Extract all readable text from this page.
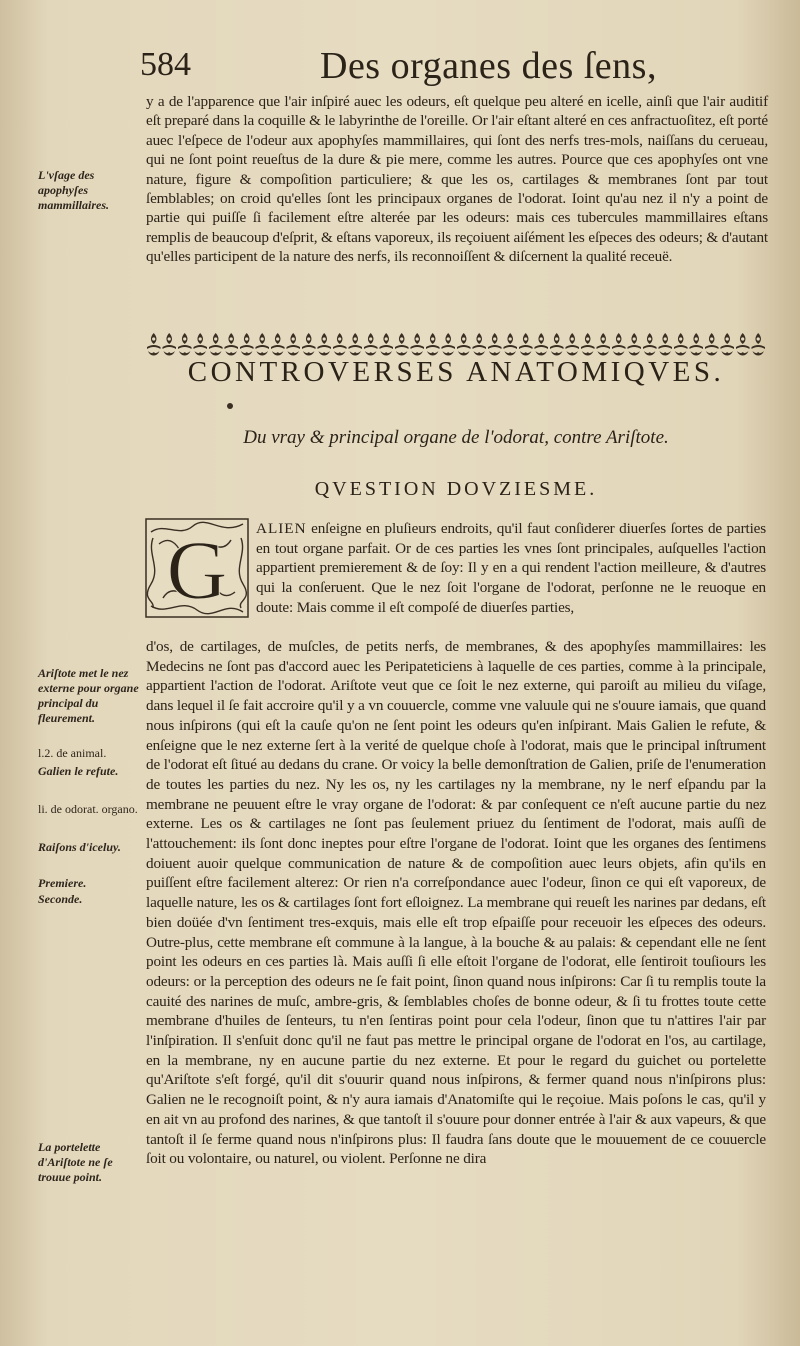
584	Des organes des ſens,

y a de l'apparence que l'air inſpiré auec les odeurs, eſt quelque peu alteré en icelle, ainſi que l'air auditif eſt preparé dans la coquille & le labyrinthe de l'oreille. Or l'air eſtant alteré en ces anfractuoſitez, eſt porté auec l'eſpece de l'odeur aux apophyſes mammillaires, qui ſont des nerfs tres-mols, naiſſans du cerueau, qui ne ſont point reueſtus de la dure & pie mere, comme les autres. Pource que ces apophyſes ont vne nature, figure & compoſition particuliere; & que les os, cartilages & membranes ſont par tout ſemblables; on croid qu'elles ſont les principaux organes de l'odorat. Ioint qu'au nez il n'y a point de partie qui puiſſe ſi facilement eſtre alterée par les odeurs: mais ces tubercules mammillaires eſtans remplis de beaucoup d'eſprit, & eſtans vaporeux, ils reçoiuent aiſément les eſpeces des odeurs; & d'autant qu'elles participent de la nature des nerfs, ils reconnoiſſent & diſcernent la qualité receuë.

L'vſage des apophyſes mammillaires.
CONTROVERSES ANATOMIQVES.
Du vray & principal organe de l'odorat, contre Ariſtote.
QVESTION DOVZIESME.
G ALIEN enſeigne en pluſieurs endroits, qu'il faut conſiderer diuerſes ſortes de parties en tout organe parfait. Or de ces parties les vnes ſont principales, auſquelles l'action appartient premierement & de ſoy: Il y en a qui rendent l'action meilleure, & d'autres qui la conſeruent. Que le nez ſoit l'organe de l'odorat, perſonne ne le reuoque en doute: Mais comme il eſt compoſé de diuerſes parties,

d'os, de cartilages, de muſcles, de petits nerfs, de membranes, & des apophyſes mammillaires: les Medecins ne ſont pas d'accord auec les Peripateticiens à laquelle de ces parties, comme à la principale, appartient l'action de l'odorat. Ariſtote veut que ce ſoit le nez externe, qui paroiſt au milieu du viſage, dans lequel il ſe fait accroire qu'il y a vn couuercle, comme vne valuule qui ne s'ouure iamais, que quand nous inſpirons (qui eſt la cauſe qu'on ne ſent point les odeurs qu'en inſpirant. Mais Galien le refute, & enſeigne que le nez externe ſert à la verité de quelque choſe à l'odorat, mais que le principal inſtrument de l'odorat eſt ſitué au dedans du crane. Or voicy la belle demonſtration de Galien, priſe de l'enumeration de toutes les parties du nez. Ny les os, ny les cartilages ny la membrane, ny le nerf eſpandu par la membrane ne peuuent eſtre le vray organe de l'odorat: & par conſequent ce n'eſt aucune partie du nez externe. Les os & cartilages ne ſont pas ſeulement priuez du ſentiment de l'odorat, mais auſſi de l'attouchement: ils ſont donc ineptes pour eſtre l'organe de l'odorat. Ioint que les organes des ſentimens doiuent auoir quelque communication de nature & de compoſition auec leurs objets, afin qu'ils en puiſſent eſtre facilement alterez: Or rien n'a correſpondance auec l'odeur, ſinon ce qui eſt vaporeux, de laquelle nature, les os & cartilages ſont fort eſloignez. La membrane qui reueſt les narines par dedans, eſt bien doüée d'vn ſentiment tres-exquis, mais elle eſt trop eſpaiſſe pour receuoir les eſpeces des odeurs. Outre-plus, cette membrane eſt commune à la langue, à la bouche & au palais: & cependant elle ne ſent point les odeurs en ces parties là. Mais auſſi ſi elle eſtoit l'organe de l'odorat, elle ſentiroit touſiours les odeurs: or la perception des odeurs ne ſe fait point, ſinon quand nous inſpirons: Car ſi tu remplis toute la cauité des narines de muſc, ambre-gris, & ſemblables choſes de bonne odeur, & ſi tu frottes toute cette membrane d'huiles de ſenteurs, tu n'en ſentiras point pour cela l'odeur, ſinon que tu n'attires l'air par l'inſpiration. Il s'enſuit donc qu'il ne faut pas mettre le principal organe de l'odorat en l'os, au cartilage, en la membrane, ny en aucune partie du nez externe. Et pour le regard du guichet ou portelette qu'Ariſtote s'eſt forgé, qu'il dit s'ouurir quand nous inſpirons, & fermer quand nous n'inſpirons plus: Galien ne le recognoiſt point, & n'y aura iamais d'Anatomiſte qui le reçoiue. Mais poſons le cas, qu'il y en ait vn au profond des narines, & que tantoſt il s'ouure pour donner entrée à l'air & aux vapeurs, & que tantoſt il ſe ferme quand nous n'inſpirons plus: Il faudra ſans doute que le mouuement de ce couuercle ſoit ou volontaire, ou naturel, ou violent. Perſonne ne dira

Ariſtote met le nez externe pour organe principal du fleurement.
l.2. de animal.
Galien le refute.
li. de odorat. organo.
Raiſons d'iceluy.
Premiere.
Seconde.
La portelette d'Ariſtote ne ſe trouue point.
